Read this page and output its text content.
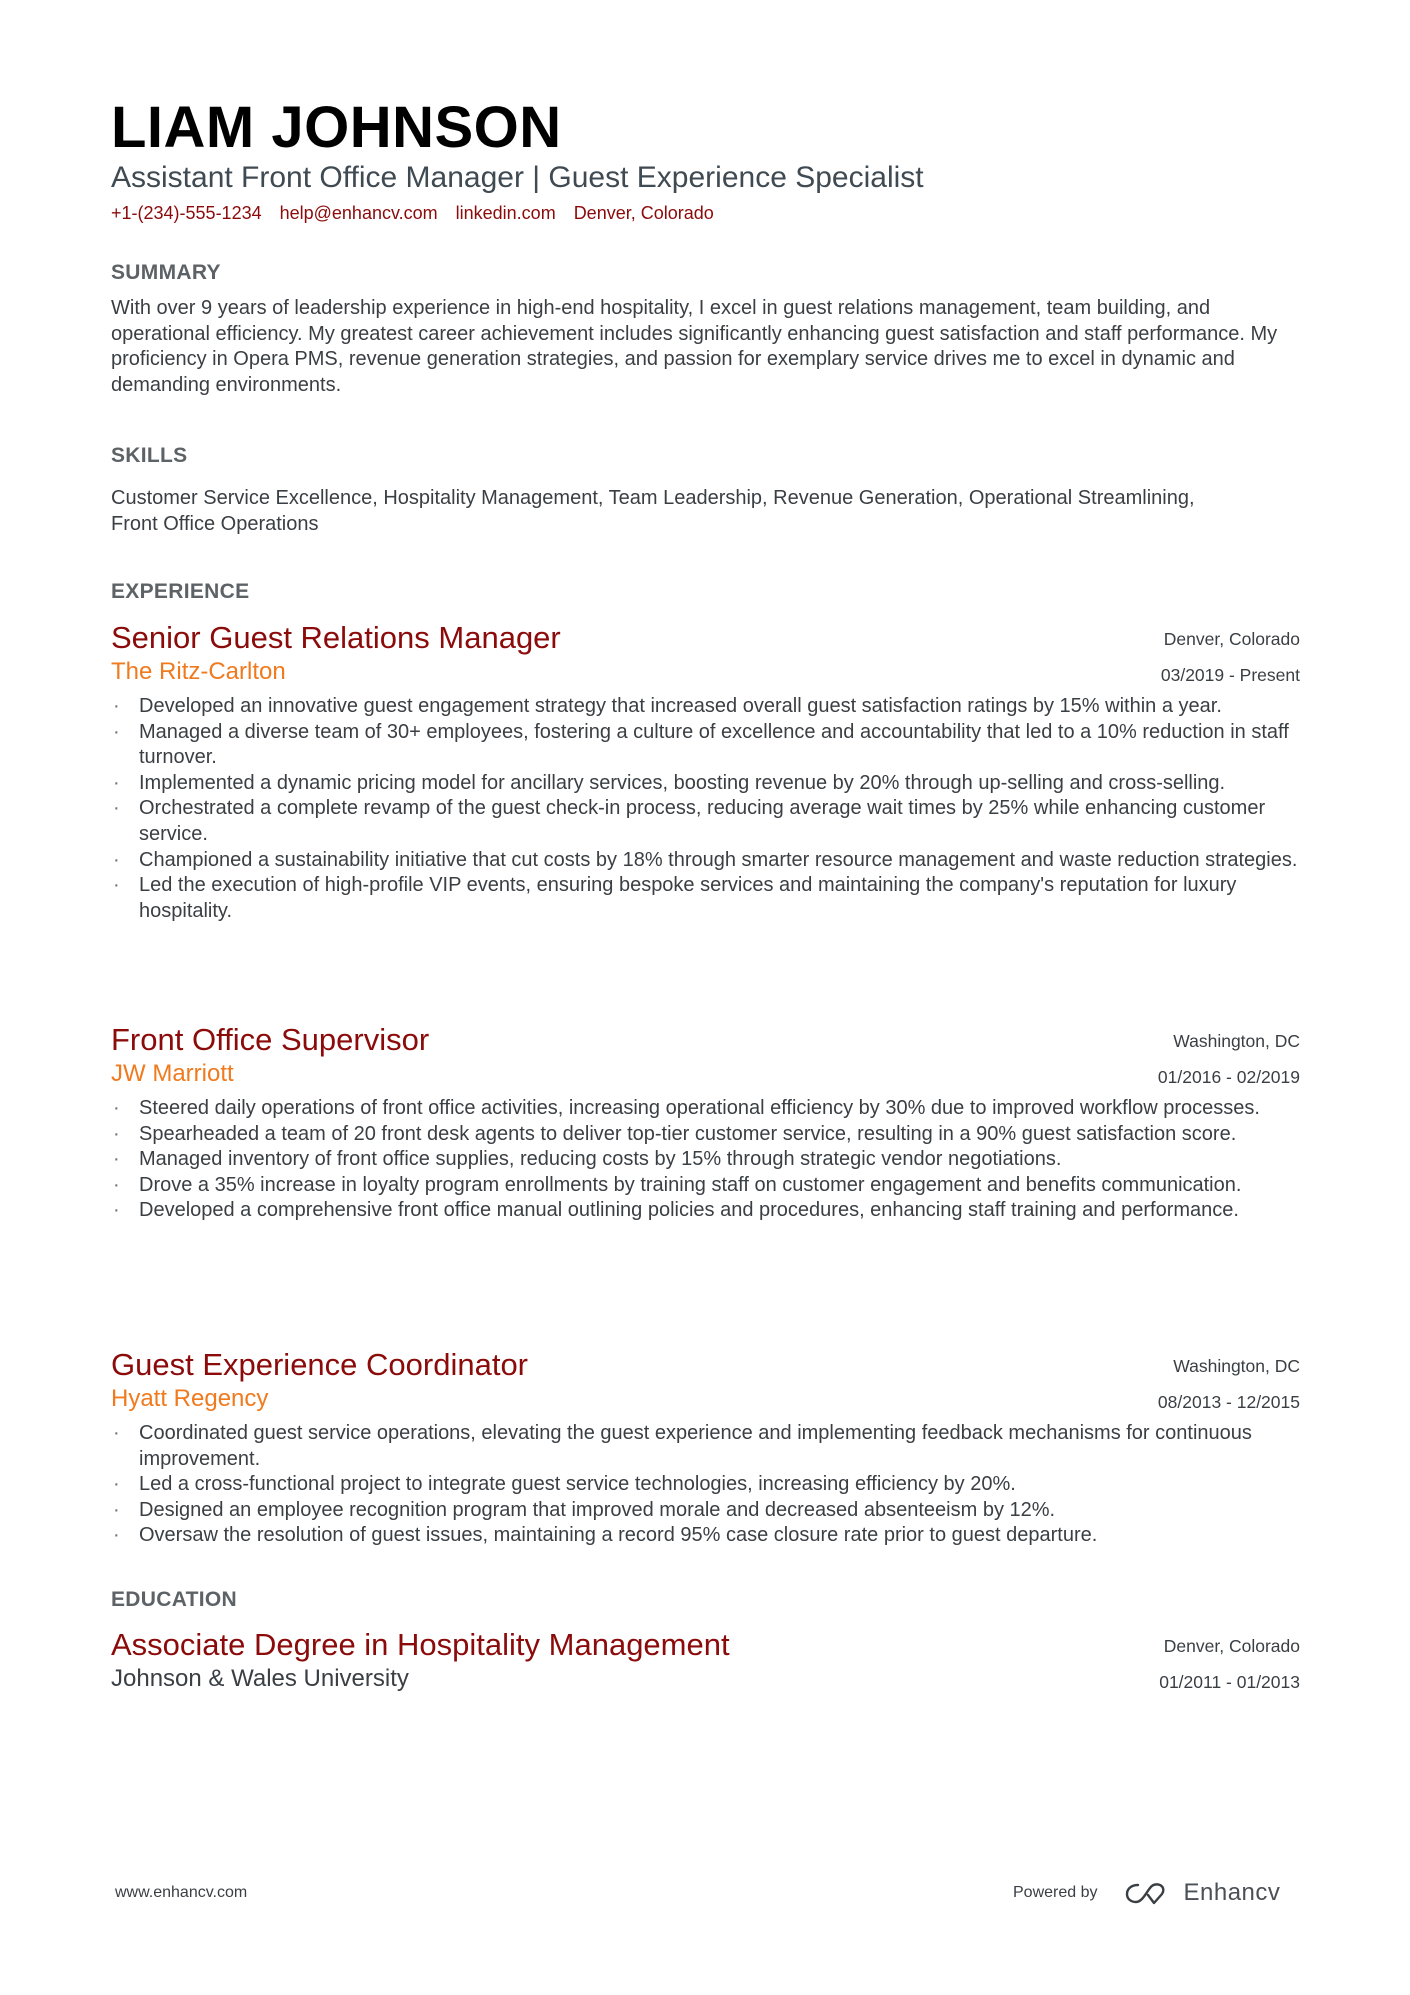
LIAM JOHNSON
Assistant Front Office Manager | Guest Experience Specialist
+1-(234)-555-1234 help@enhancv.com linkedin.com Denver, Colorado
SUMMARY
With over 9 years of leadership experience in high-end hospitality, I excel in guest relations management, team building, and operational efficiency. My greatest career achievement includes significantly enhancing guest satisfaction and staff performance. My proficiency in Opera PMS, revenue generation strategies, and passion for exemplary service drives me to excel in dynamic and demanding environments.
SKILLS
Customer Service Excellence, Hospitality Management, Team Leadership, Revenue Generation, Operational Streamlining, Front Office Operations
EXPERIENCE
Senior Guest Relations Manager
The Ritz-Carlton
Denver, Colorado
03/2019 - Present
· Developed an innovative guest engagement strategy that increased overall guest satisfaction ratings by 15% within a year.
· Managed a diverse team of 30+ employees, fostering a culture of excellence and accountability that led to a 10% reduction in staff turnover.
· Implemented a dynamic pricing model for ancillary services, boosting revenue by 20% through up-selling and cross-selling.
· Orchestrated a complete revamp of the guest check-in process, reducing average wait times by 25% while enhancing customer service.
· Championed a sustainability initiative that cut costs by 18% through smarter resource management and waste reduction strategies.
· Led the execution of high-profile VIP events, ensuring bespoke services and maintaining the company's reputation for luxury hospitality.
Front Office Supervisor
JW Marriott
Washington, DC
01/2016 - 02/2019
· Steered daily operations of front office activities, increasing operational efficiency by 30% due to improved workflow processes.
· Spearheaded a team of 20 front desk agents to deliver top-tier customer service, resulting in a 90% guest satisfaction score.
· Managed inventory of front office supplies, reducing costs by 15% through strategic vendor negotiations.
· Drove a 35% increase in loyalty program enrollments by training staff on customer engagement and benefits communication.
· Developed a comprehensive front office manual outlining policies and procedures, enhancing staff training and performance.
Guest Experience Coordinator
Hyatt Regency
Washington, DC
08/2013 - 12/2015
· Coordinated guest service operations, elevating the guest experience and implementing feedback mechanisms for continuous improvement.
· Led a cross-functional project to integrate guest service technologies, increasing efficiency by 20%.
· Designed an employee recognition program that improved morale and decreased absenteeism by 12%.
· Oversaw the resolution of guest issues, maintaining a record 95% case closure rate prior to guest departure.
EDUCATION
Associate Degree in Hospitality Management
Johnson & Wales University
Denver, Colorado
01/2011 - 01/2013
www.enhancv.com	Powered by	Enhancv
